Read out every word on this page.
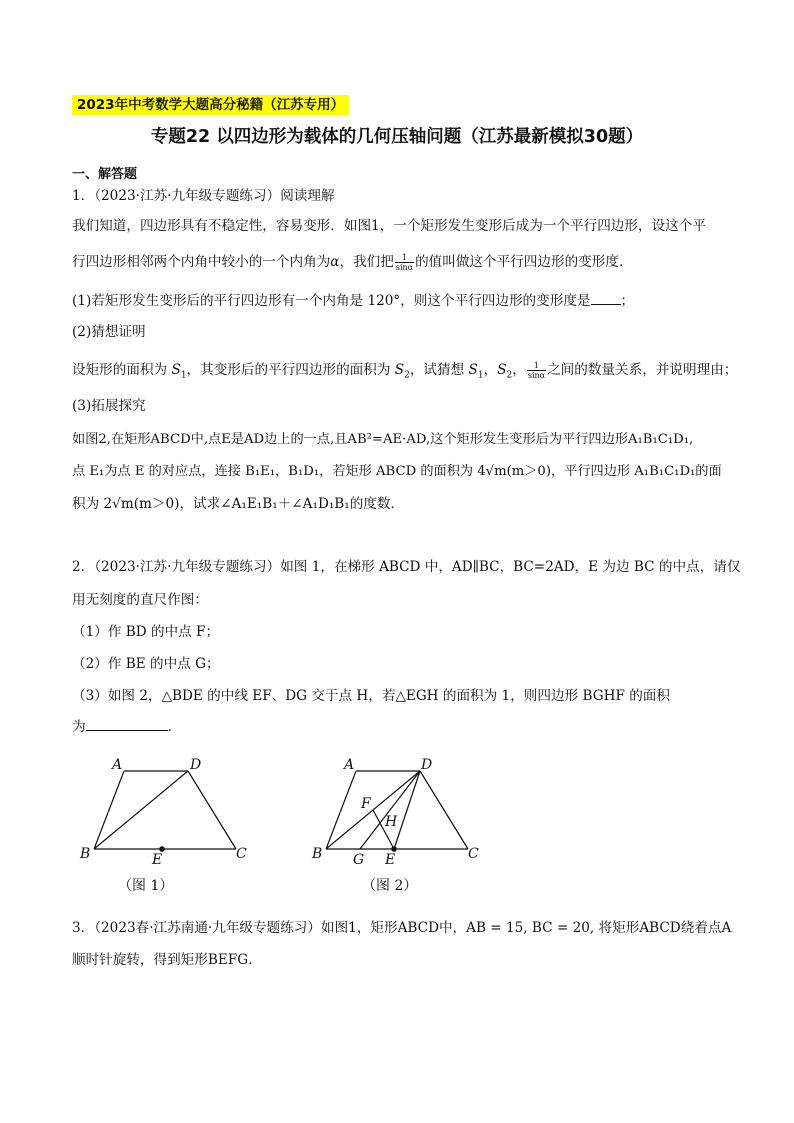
2023年中考数学大题高分秘籍（江苏专用）
专题22 以四边形为载体的几何压轴问题（江苏最新模拟30题）
一、解答题
1．（2023·江苏·九年级专题练习）阅读理解
我们知道，四边形具有不稳定性，容易变形．如图1，一个矩形发生变形后成为一个平行四边形，设这个平
行四边形相邻两个内角中较小的一个内角为α，我们把 $\frac{1}{\sin\alpha}$ 的值叫做这个平行四边形的变形度．
(1)若矩形发生变形后的平行四边形有一个内角是 120°，则这个平行四边形的变形度是 ；
(2)猜想证明
设矩形的面积为 $S_1$，其变形后的平行四边形的面积为 $S_2$，试猜想 $S_1$，$S_2$， $\frac{1}{\sin\alpha}$ 之间的数量关系，并说明理由；
(3)拓展探究
如图2,在矩形ABCD中,点E是AD边上的一点,且AB²=AE·AD,这个矩形发生变形后为平行四边形A₁B₁C₁D₁,
点 E₁为点 E 的对应点，连接 B₁E₁，B₁D₁，若矩形 ABCD 的面积为 4√m(m＞0)，平行四边形 A₁B₁C₁D₁的面
积为 2√m(m＞0)，试求∠A₁E₁B₁＋∠A₁D₁B₁的度数．
2．（2023·江苏·九年级专题练习）如图 1，在梯形 ABCD 中，AD∥BC，BC=2AD，E 为边 BC 的中点，请仅
用无刻度的直尺作图：
（1）作 BD 的中点 F；
（2）作 BE 的中点 G；
（3）如图 2，△BDE 的中线 EF、DG 交于点 H，若△EGH 的面积为 1，则四边形 BGHF 的面积
为	．
A	D
B	E	C
（图 1）
A	D
F
H
B G E	C
（图 2）
3．（2023春·江苏南通·九年级专题练习）如图1，矩形ABCD中，AB = 15, BC = 20, 将矩形ABCD绕着点A
顺时针旋转，得到矩形BEFG．
